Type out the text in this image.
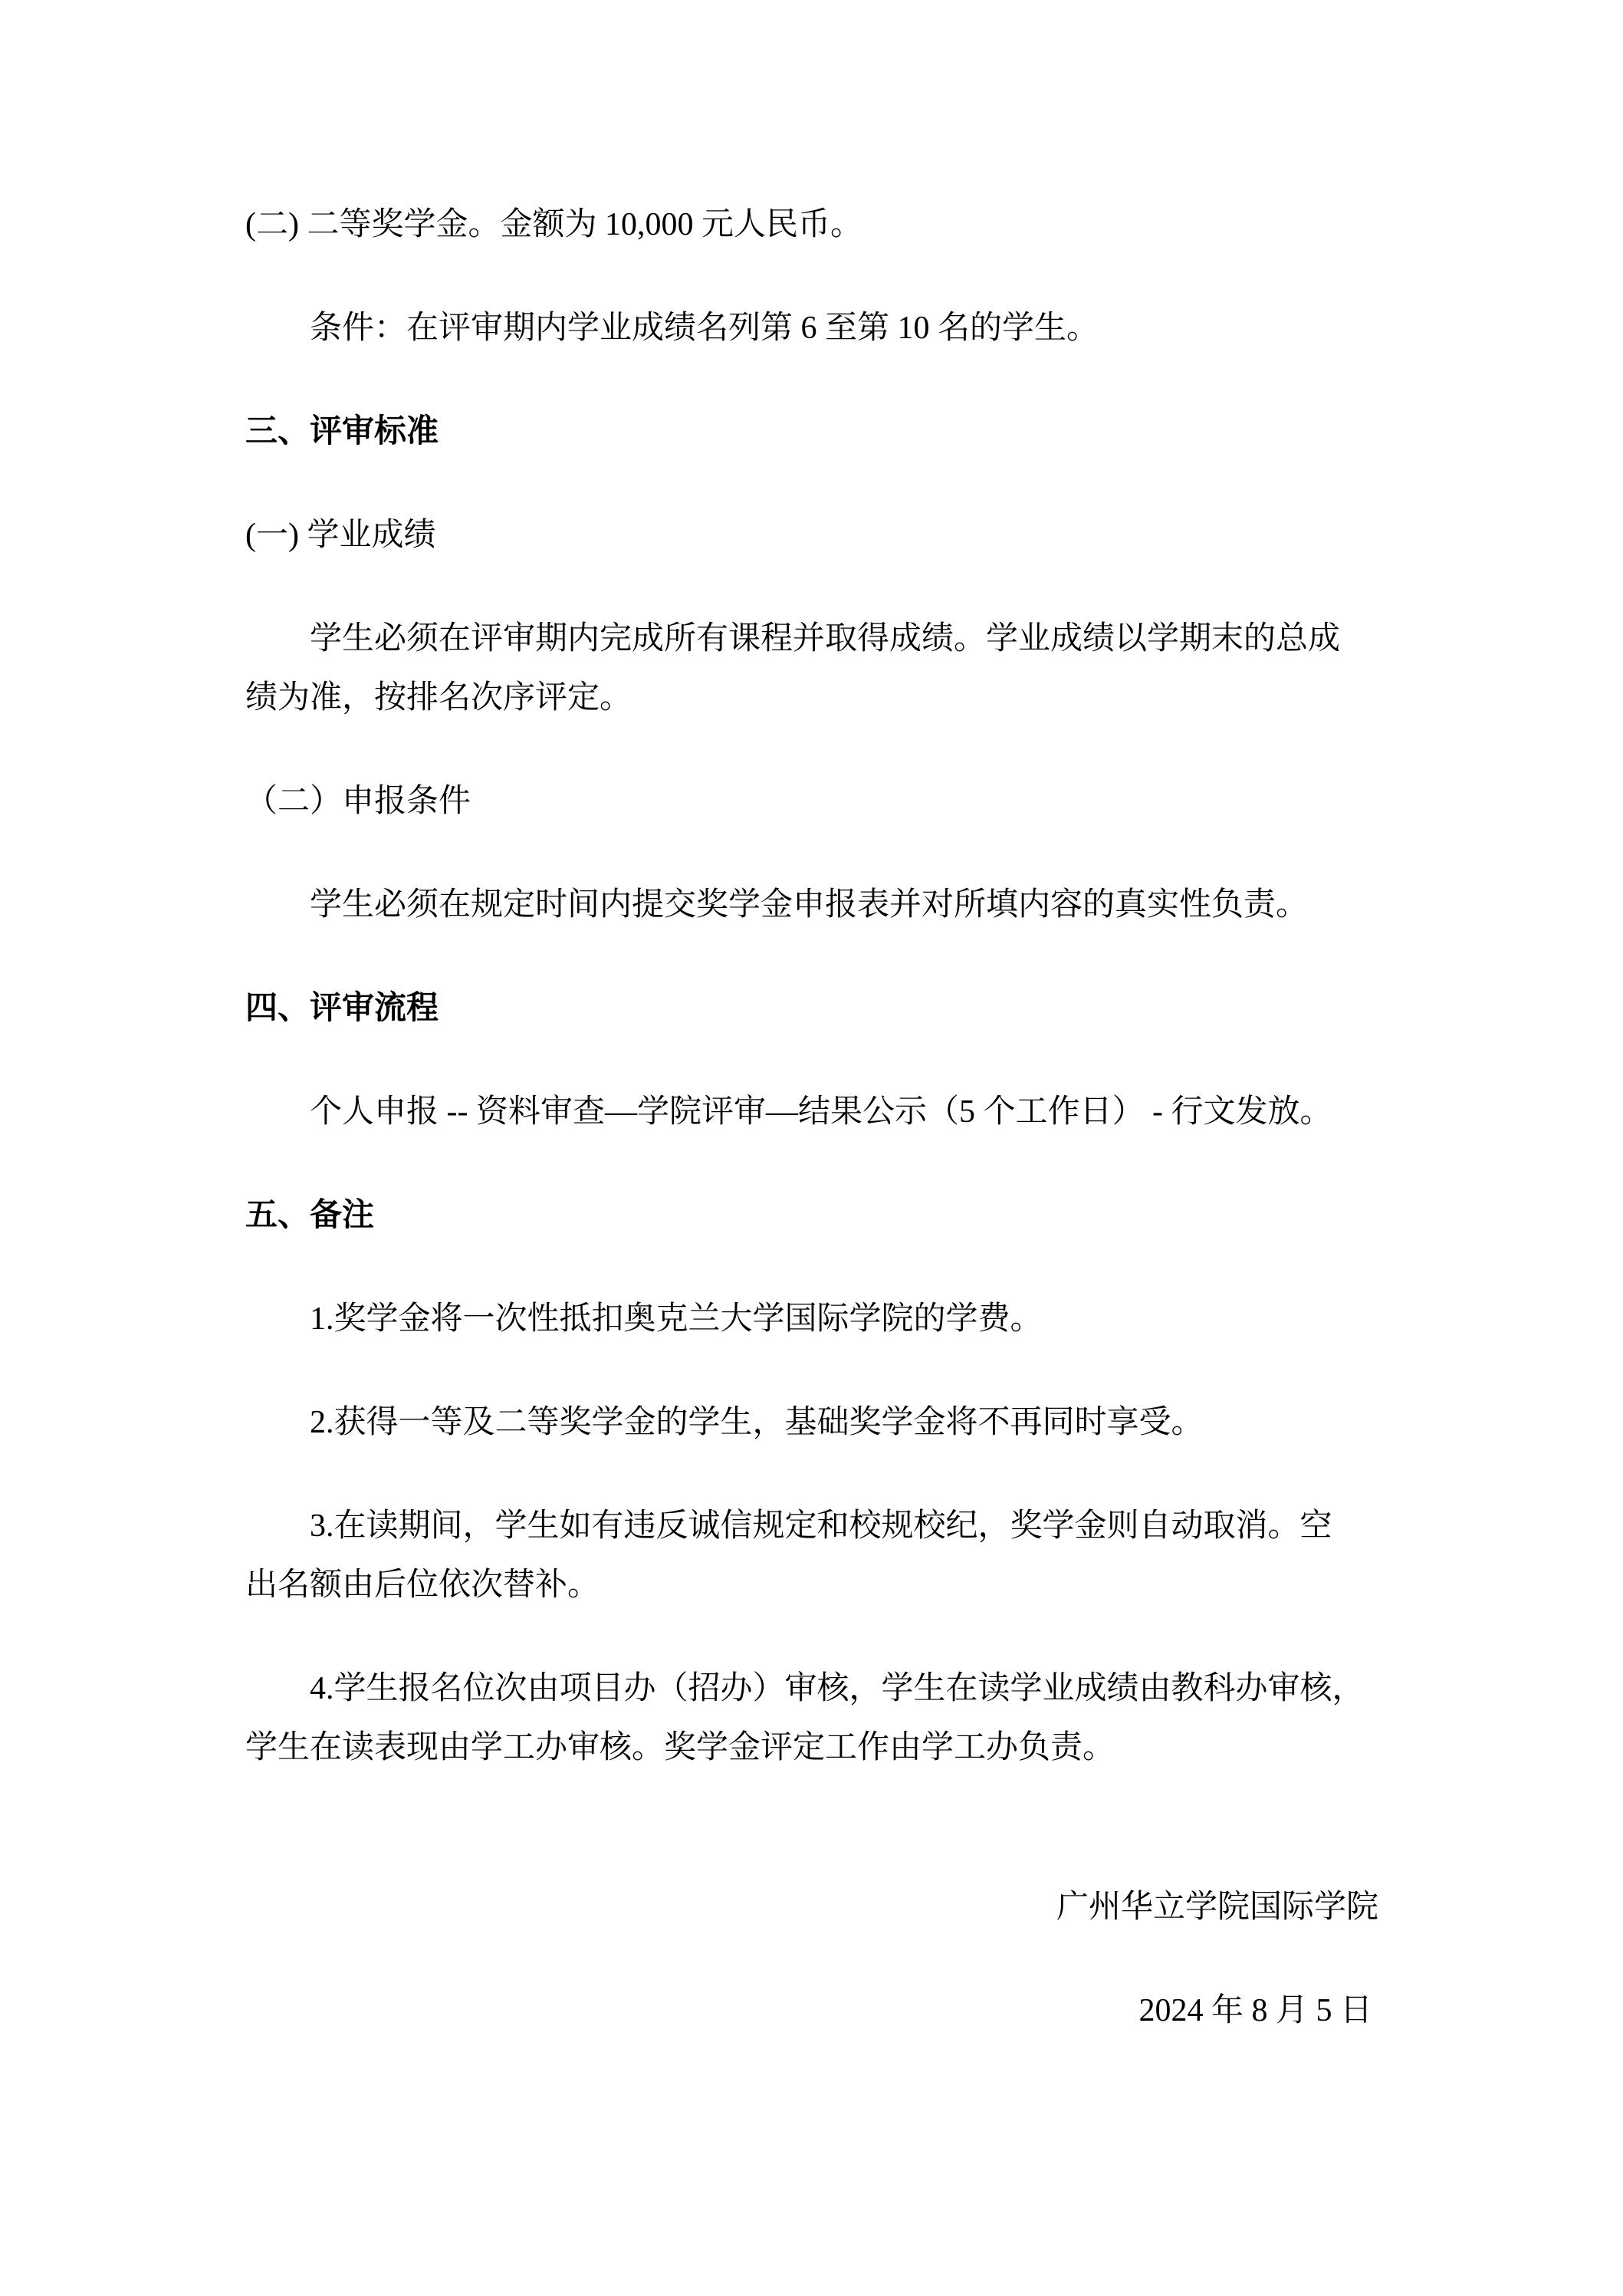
(二) 二等奖学金。金额为 10,000 元人民币。
条件：在评审期内学业成绩名列第 6 至第 10 名的学生。
三、评审标准
(一) 学业成绩
学生必须在评审期内完成所有课程并取得成绩。学业成绩以学期末的总成
绩为准，按排名次序评定。
（二）申报条件
学生必须在规定时间内提交奖学金申报表并对所填内容的真实性负责。
四、评审流程
个人申报 -- 资料审查—学院评审—结果公示（5 个工作日） - 行文发放。
五、备注
1.奖学金将一次性抵扣奥克兰大学国际学院的学费。
2.获得一等及二等奖学金的学生，基础奖学金将不再同时享受。
3.在读期间，学生如有违反诚信规定和校规校纪，奖学金则自动取消。空
出名额由后位依次替补。
4.学生报名位次由项目办（招办）审核，学生在读学业成绩由教科办审核，
学生在读表现由学工办审核。奖学金评定工作由学工办负责。
广州华立学院国际学院
2024 年 8 月 5 日
